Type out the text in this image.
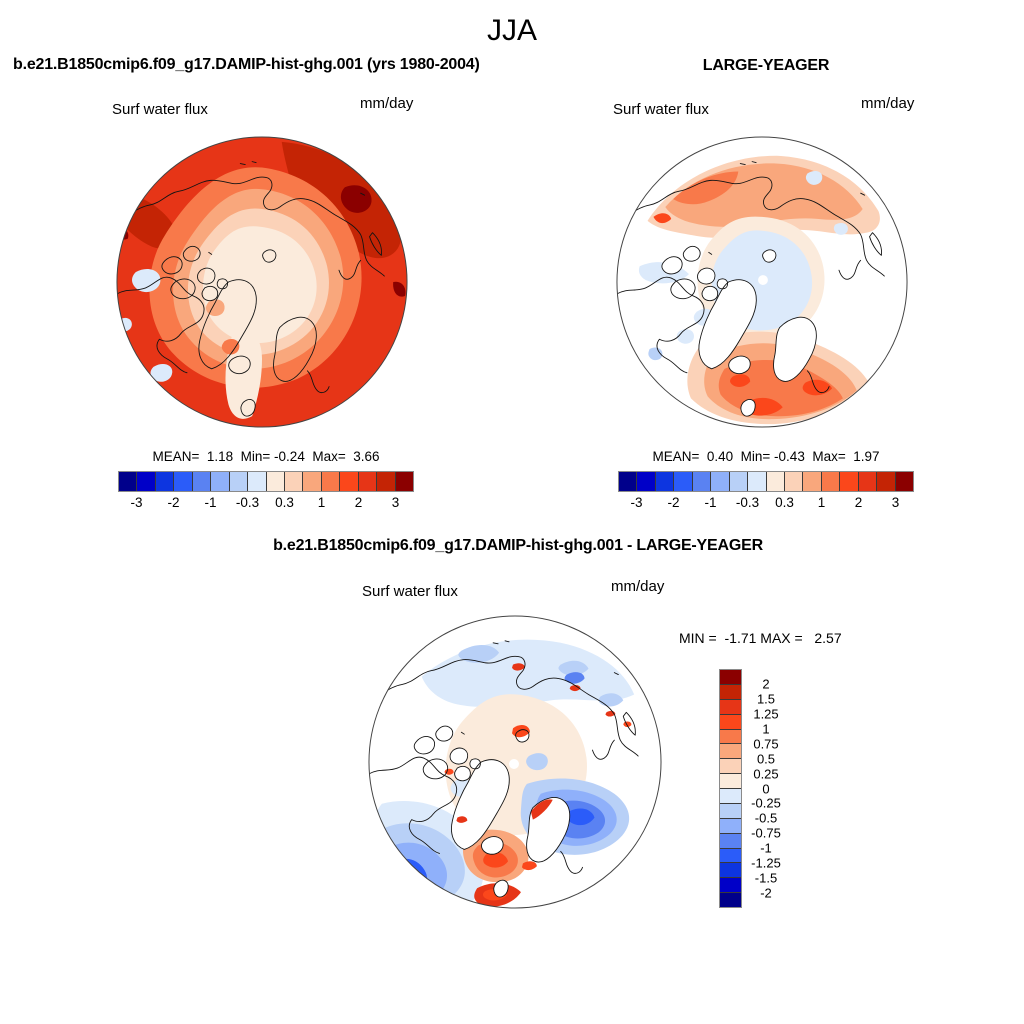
JJA
b.e21.B1850cmip6.f09_g17.DAMIP-hist-ghg.001 (yrs 1980-2004)	LARGE-YEAGER
b.e21.B1850cmip6.f09_g17.DAMIP-hist-ghg.001 - LARGE-YEAGER
Surf water flux	mm/day	Surf water flux	mm/day
Surf water flux	mm/day
MEAN=  1.18  Min= -0.24  Max=  3.66
-3 -2 -1 -0.3 0.3 1 2 3
MEAN=  0.40  Min= -0.43  Max=  1.97
-3 -2 -1 -0.3 0.3 1 2 3
MIN =  -1.71 MAX =   2.57
2
1.5
1.25
1
0.75
0.5
0.25
0
-0.25
-0.5
-0.75
-1
-1.25
-1.5
-2
